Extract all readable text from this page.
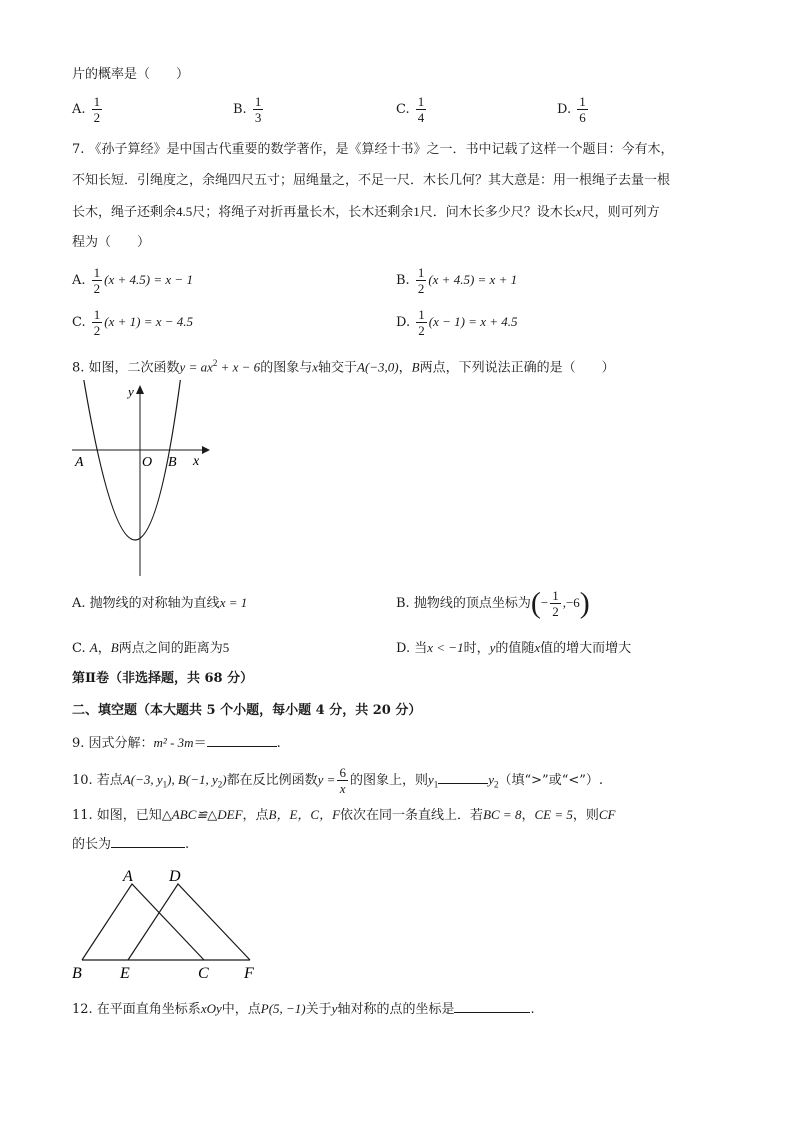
片的概率是（　　）
A. $\frac{1}{2}$	B. $\frac{1}{3}$	C. $\frac{1}{4}$	D. $\frac{1}{6}$
7. 《孙子算经》是中国古代重要的数学著作，是《算经十书》之一．书中记载了这样一个题目：今有木，
不知长短．引绳度之，余绳四尺五寸；屈绳量之，不足一尺．木长几何？其大意是：用一根绳子去量一根
长木，绳子还剩余4.5尺；将绳子对折再量长木，长木还剩余1尺．问木长多少尺？设木长x尺，则可列方
程为（　　）
A. $\frac{1}{2} (x + 4.5) = x - 1$	B. $\frac{1}{2} (x + 4.5) = x + 1$
C. $\frac{1}{2} (x + 1) = x - 4.5$	D. $\frac{1}{2} (x - 1) = x + 4.5$
8. 如图，二次函数$y = ax^2 + x - 6$的图象与x轴交于A(−3,0)，B两点，下列说法正确的是（　　）
y
x
A	O B
A. 抛物线的对称轴为直线x = 1	B. 抛物线的顶点坐标为(− $\frac{1}{2} ,-6$)
C. A，B两点之间的距离为5	D. 当x < −1时，y的值随x值的增大而增大
第Ⅱ卷（非选择题，共 68 分）
二、填空题（本大题共 5 个小题，每小题 4 分，共 20 分）
9. 因式分解：m² - 3m＝	.
10. 若点A(−3, $y_1$), B(−1, $y_2$)都在反比例函数$y = \frac{6}{x}$ 的图象上，则$y_1$	$y_2$（填“>”或“<”）.
11. 如图，已知△ABC≌△DEF，点B，E，C，F依次在同一条直线上．若BC = 8，CE = 5，则CF
的长为	.
A D
B E	C F
12. 在平面直角坐标系xOy中，点P(5, −1)关于y轴对称的点的坐标是	.
